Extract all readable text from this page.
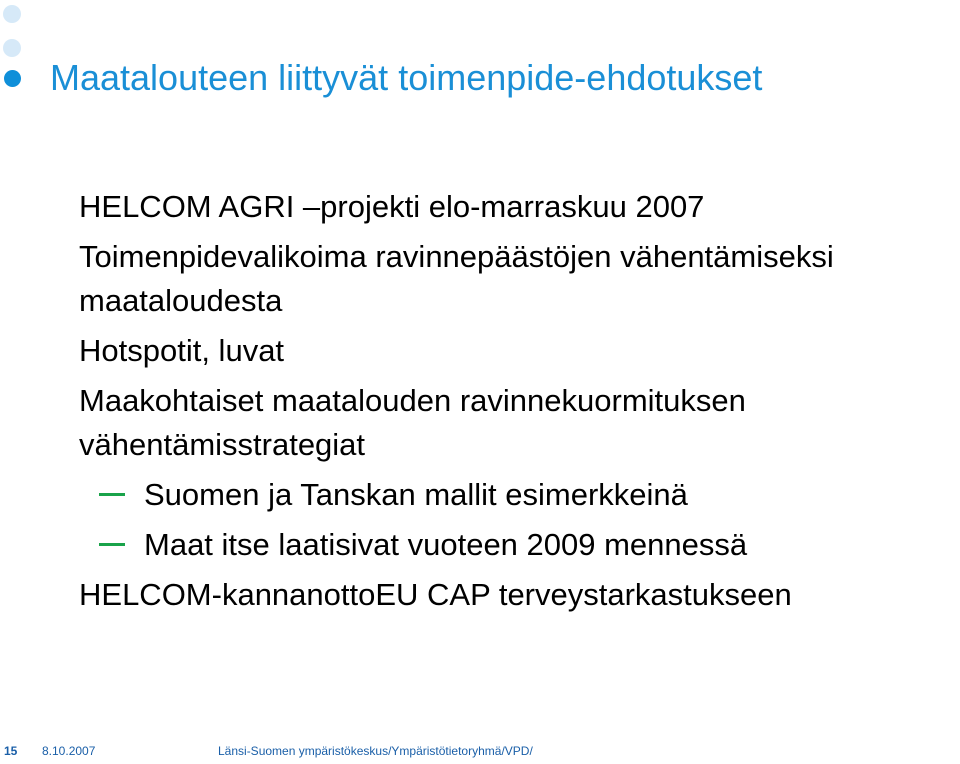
Maatalouteen liittyvät toimenpide-ehdotukset
HELCOM AGRI –projekti elo-marraskuu 2007
Toimenpidevalikoima ravinnepäästöjen vähentämiseksi maataloudesta
Hotspotit, luvat
Maakohtaiset maatalouden ravinnekuormituksen vähentämisstrategiat
Suomen ja Tanskan mallit esimerkkeinä
Maat itse laatisivat vuoteen 2009 mennessä
HELCOM-kannanottoEU CAP terveystarkastukseen
15 8.10.2007	Länsi-Suomen ympäristökeskus/Ympäristötietoryhmä/VPD/
